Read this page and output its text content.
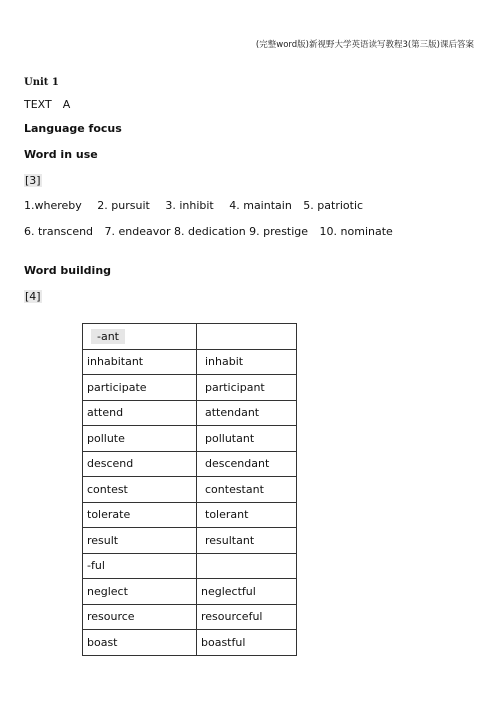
(完整word版)新视野大学英语读写教程3(第三版)课后答案
Unit 1
TEXT　A
Language focus
Word in use
[3]
1.whereby 2. pursuit 3. inhibit 4. maintain 5. patriotic
6. transcend 7. endeavor 8. dedication 9. prestige 10. nominate
Word building
[4]
-ant	
inhabitant	inhabit
participate	participant
attend	attendant
pollute	pollutant
descend	descendant
contest	contestant
tolerate	tolerant
result	resultant
-ful	
neglect	neglectful
resource	resourceful
boast	boastful
